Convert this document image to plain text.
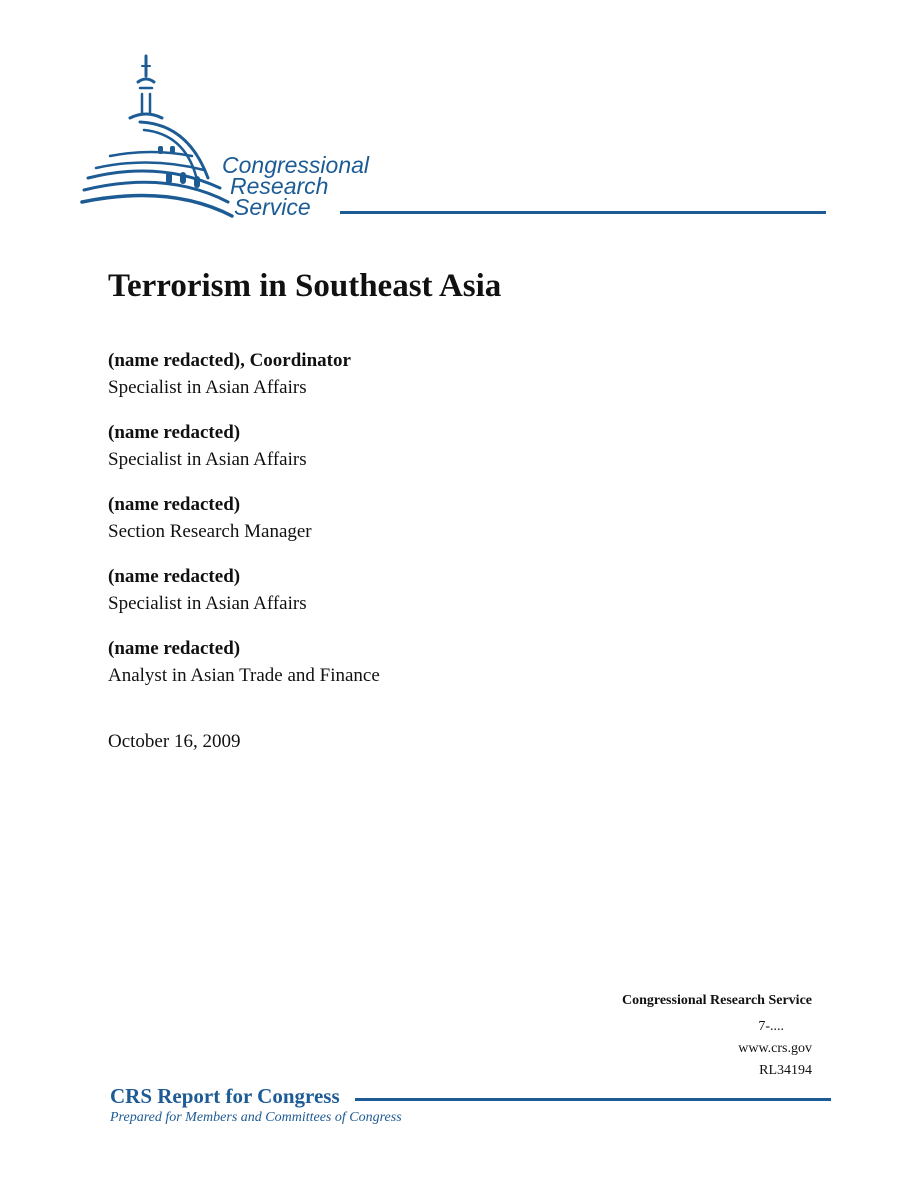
Congressional
Research
Service
Terrorism in Southeast Asia
(name redacted), Coordinator
Specialist in Asian Affairs
(name redacted)
Specialist in Asian Affairs
(name redacted)
Section Research Manager
(name redacted)
Specialist in Asian Affairs
(name redacted)
Analyst in Asian Trade and Finance
October 16, 2009
Congressional Research Service
7-....
www.crs.gov
RL34194
CRS Report for Congress
Prepared for Members and Committees of Congress
